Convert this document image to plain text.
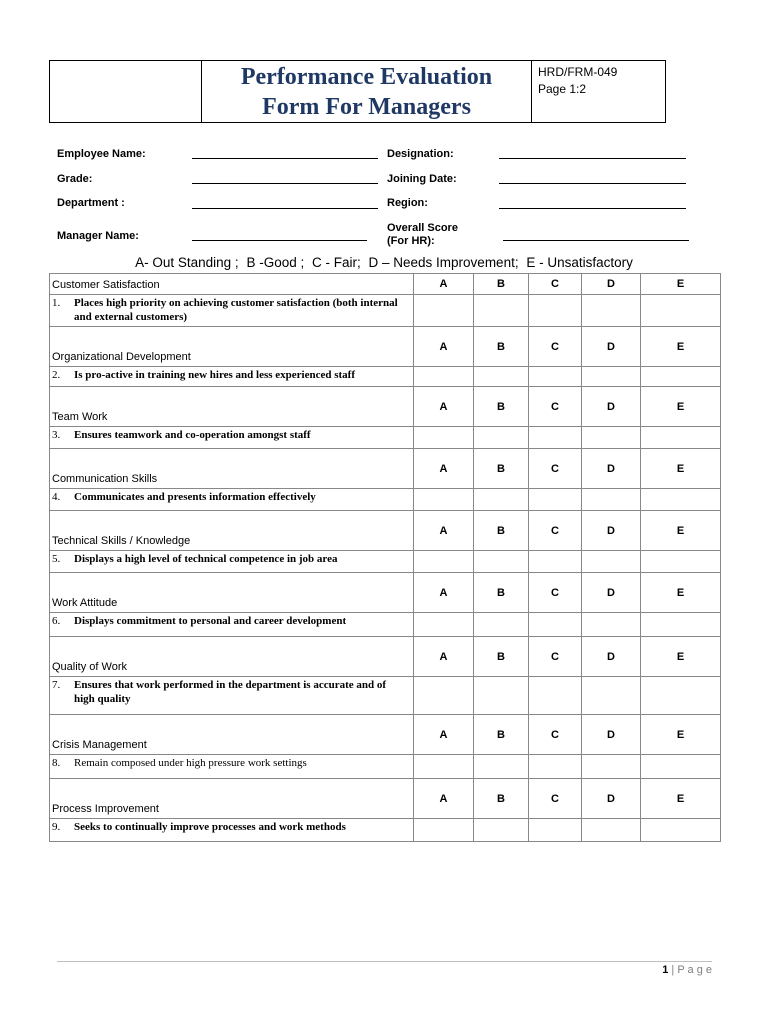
Performance Evaluation
Form For Managers

HRD/FRM-049
Page 1:2
Employee Name:	Designation:
Grade:	Joining Date:
Department :	Region:
Manager Name:
Overall Score
(For HR):
A- Out Standing ; B -Good ; C - Fair; D – Needs Improvement; E - Unsatisfactory
Customer Satisfaction	A	B	C	D	E
1. Places high priority on achieving customer satisfaction (both internal and external customers)					
Organizational Development	A	B	C	D	E
2. Is pro-active in training new hires and less experienced staff					
Team Work	A	B	C	D	E
3. Ensures teamwork and co-operation amongst staff					
Communication Skills	A	B	C	D	E
4. Communicates and presents information effectively					
Technical Skills / Knowledge	A	B	C	D	E
5. Displays a high level of technical competence in job area					
Work Attitude	A	B	C	D	E
6. Displays commitment to personal and career development					
Quality of Work	A	B	C	D	E
7. Ensures that work performed in the department is accurate and of high quality					
Crisis Management	A	B	C	D	E
8. Remain composed under high pressure work settings					
Process Improvement	A	B	C	D	E
9. Seeks to continually improve processes and work methods					
1 | P a g e
